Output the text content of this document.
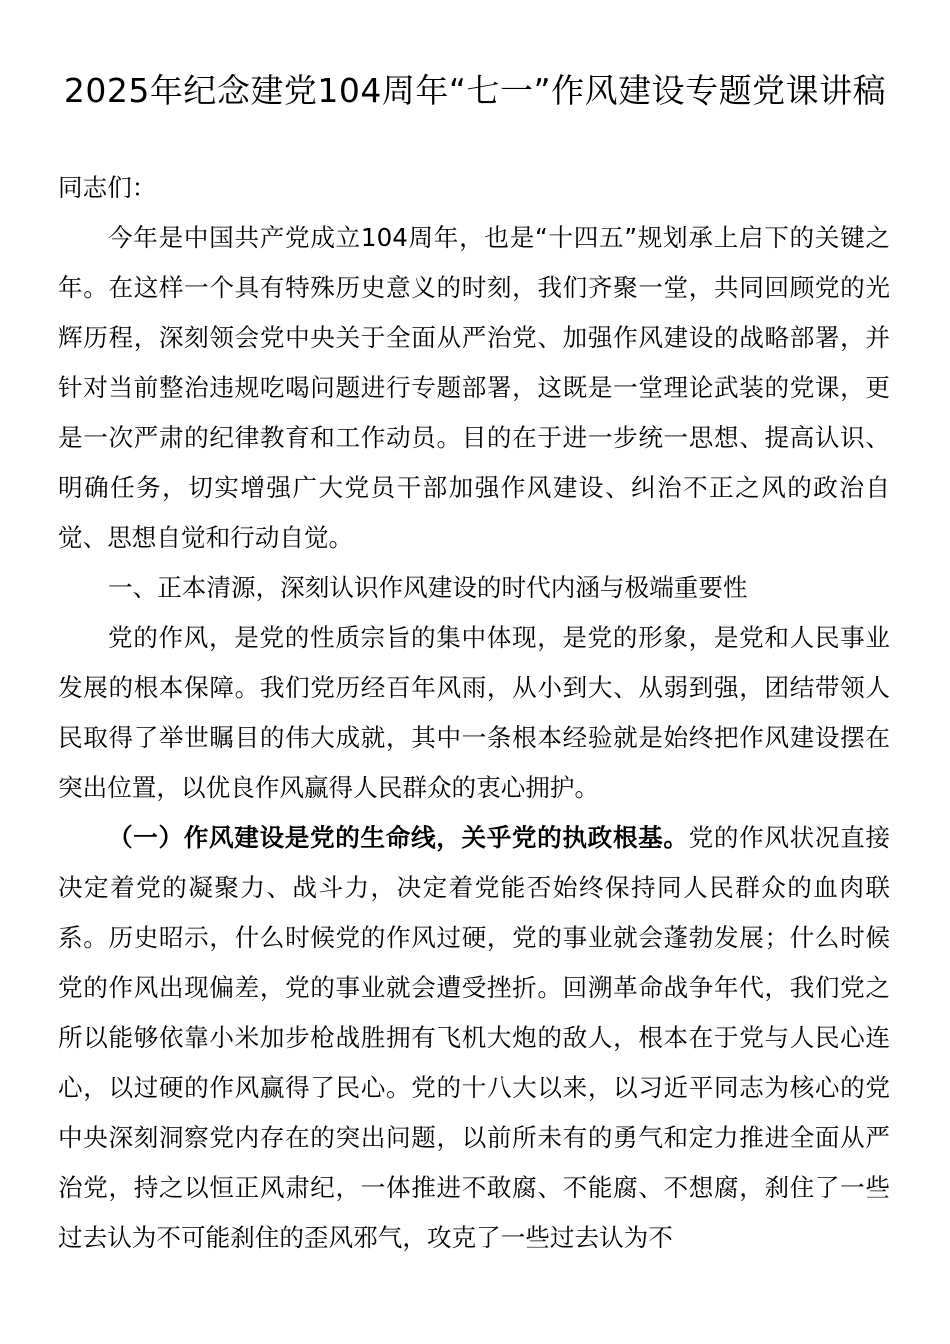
2025年纪念建党104周年“七一”作风建设专题党课讲稿

同志们：

今年是中国共产党成立104周年，也是“十四五”规划承上启下的关键之年。在这样一个具有特殊历史意义的时刻，我们齐聚一堂，共同回顾党的光辉历程，深刻领会党中央关于全面从严治党、加强作风建设的战略部署，并针对当前整治违规吃喝问题进行专题部署，这既是一堂理论武装的党课，更是一次严肃的纪律教育和工作动员。目的在于进一步统一思想、提高认识、明确任务，切实增强广大党员干部加强作风建设、纠治不正之风的政治自觉、思想自觉和行动自觉。

一、正本清源，深刻认识作风建设的时代内涵与极端重要性

党的作风，是党的性质宗旨的集中体现，是党的形象，是党和人民事业发展的根本保障。我们党历经百年风雨，从小到大、从弱到强，团结带领人民取得了举世瞩目的伟大成就，其中一条根本经验就是始终把作风建设摆在突出位置，以优良作风赢得人民群众的衷心拥护。

（一）作风建设是党的生命线，关乎党的执政根基。党的作风状况直接决定着党的凝聚力、战斗力，决定着党能否始终保持同人民群众的血肉联系。历史昭示，什么时候党的作风过硬，党的事业就会蓬勃发展；什么时候党的作风出现偏差，党的事业就会遭受挫折。回溯革命战争年代，我们党之所以能够依靠小米加步枪战胜拥有飞机大炮的敌人，根本在于党与人民心连心，以过硬的作风赢得了民心。党的十八大以来，以习近平同志为核心的党中央深刻洞察党内存在的突出问题，以前所未有的勇气和定力推进全面从严治党，持之以恒正风肃纪，一体推进不敢腐、不能腐、不想腐，刹住了一些过去认为不可能刹住的歪风邪气，攻克了一些过去认为不
